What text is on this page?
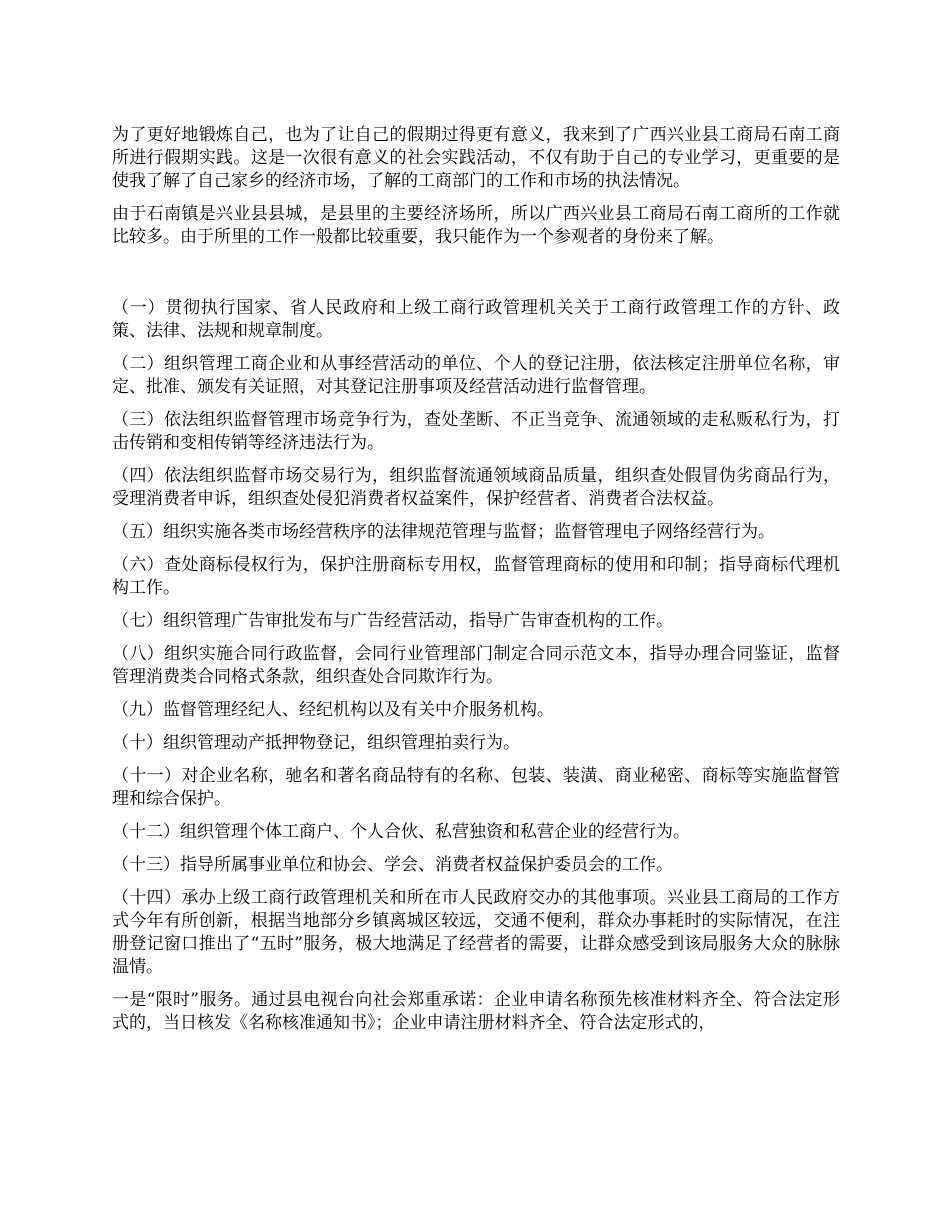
为了更好地锻炼自己，也为了让自己的假期过得更有意义，我来到了广西兴业县工商局石南工商所进行假期实践。这是一次很有意义的社会实践活动，不仅有助于自己的专业学习，更重要的是使我了解了自己家乡的经济市场，了解的工商部门的工作和市场的执法情况。

由于石南镇是兴业县县城，是县里的主要经济场所，所以广西兴业县工商局石南工商所的工作就比较多。由于所里的工作一般都比较重要，我只能作为一个参观者的身份来了解。

（一）贯彻执行国家、省人民政府和上级工商行政管理机关关于工商行政管理工作的方针、政策、法律、法规和规章制度。

（二）组织管理工商企业和从事经营活动的单位、个人的登记注册，依法核定注册单位名称，审定、批准、颁发有关证照，对其登记注册事项及经营活动进行监督管理。

（三）依法组织监督管理市场竞争行为，查处垄断、不正当竞争、流通领域的走私贩私行为，打击传销和变相传销等经济违法行为。

（四）依法组织监督市场交易行为，组织监督流通领域商品质量，组织查处假冒伪劣商品行为，受理消费者申诉，组织查处侵犯消费者权益案件，保护经营者、消费者合法权益。

（五）组织实施各类市场经营秩序的法律规范管理与监督；监督管理电子网络经营行为。

（六）查处商标侵权行为，保护注册商标专用权，监督管理商标的使用和印制；指导商标代理机构工作。

（七）组织管理广告审批发布与广告经营活动，指导广告审查机构的工作。

（八）组织实施合同行政监督，会同行业管理部门制定合同示范文本，指导办理合同鉴证，监督管理消费类合同格式条款，组织查处合同欺诈行为。

（九）监督管理经纪人、经纪机构以及有关中介服务机构。

（十）组织管理动产抵押物登记，组织管理拍卖行为。

（十一）对企业名称，驰名和著名商品特有的名称、包装、装潢、商业秘密、商标等实施监督管理和综合保护。

（十二）组织管理个体工商户、个人合伙、私营独资和私营企业的经营行为。

（十三）指导所属事业单位和协会、学会、消费者权益保护委员会的工作。

（十四）承办上级工商行政管理机关和所在市人民政府交办的其他事项。兴业县工商局的工作方式今年有所创新，根据当地部分乡镇离城区较远，交通不便利，群众办事耗时的实际情况，在注册登记窗口推出了“五时”服务，极大地满足了经营者的需要，让群众感受到该局服务大众的脉脉温情。

一是“限时”服务。通过县电视台向社会郑重承诺：企业申请名称预先核准材料齐全、符合法定形式的，当日核发《名称核准通知书》；企业申请注册材料齐全、符合法定形式的，
